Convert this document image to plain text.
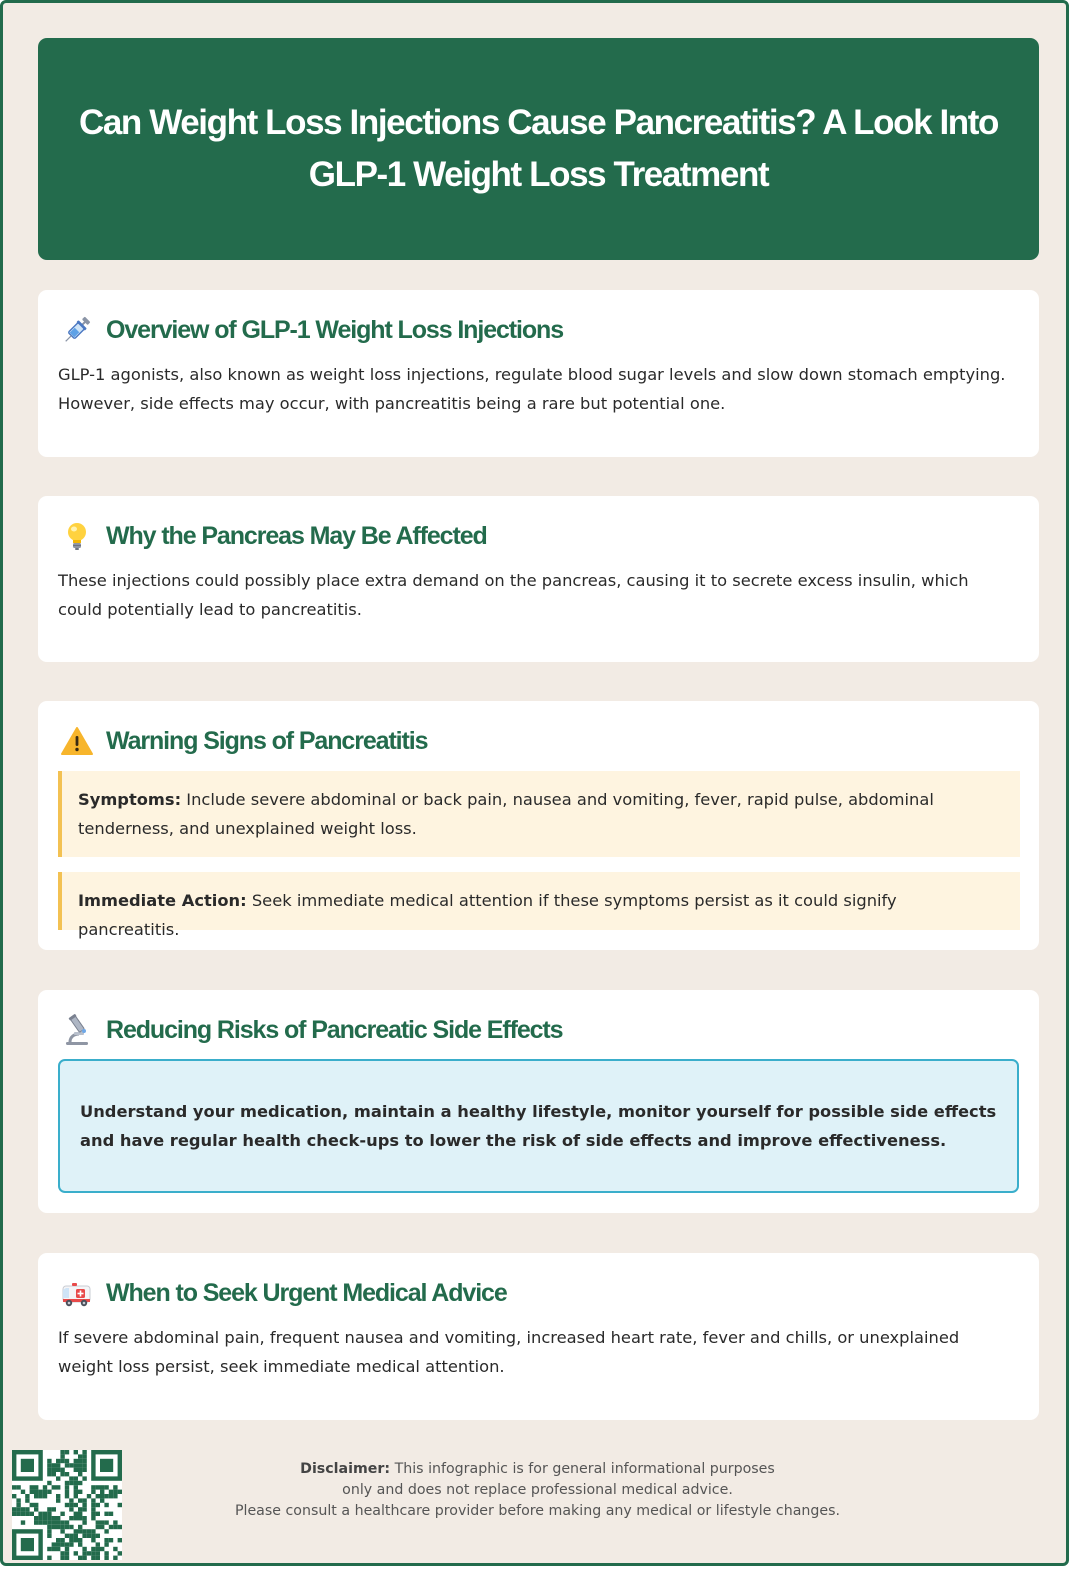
Can Weight Loss Injections Cause Pancreatitis? A Look Into GLP-1 Weight Loss Treatment
Overview of GLP-1 Weight Loss Injections
GLP-1 agonists, also known as weight loss injections, regulate blood sugar levels and slow down stomach emptying. However, side effects may occur, with pancreatitis being a rare but potential one.
Why the Pancreas May Be Affected
These injections could possibly place extra demand on the pancreas, causing it to secrete excess insulin, which could potentially lead to pancreatitis.
Warning Signs of Pancreatitis
Symptoms: Include severe abdominal or back pain, nausea and vomiting, fever, rapid pulse, abdominal tenderness, and unexplained weight loss.
Immediate Action: Seek immediate medical attention if these symptoms persist as it could signify pancreatitis.
Reducing Risks of Pancreatic Side Effects

Understand your medication, maintain a healthy lifestyle, monitor yourself for possible side effects and have regular health check-ups to lower the risk of side effects and improve effectiveness.

When to Seek Urgent Medical Advice
If severe abdominal pain, frequent nausea and vomiting, increased heart rate, fever and chills, or unexplained weight loss persist, seek immediate medical attention.
Disclaimer: This infographic is for general informational purposes
only and does not replace professional medical advice.
Please consult a healthcare provider before making any medical or lifestyle changes.
